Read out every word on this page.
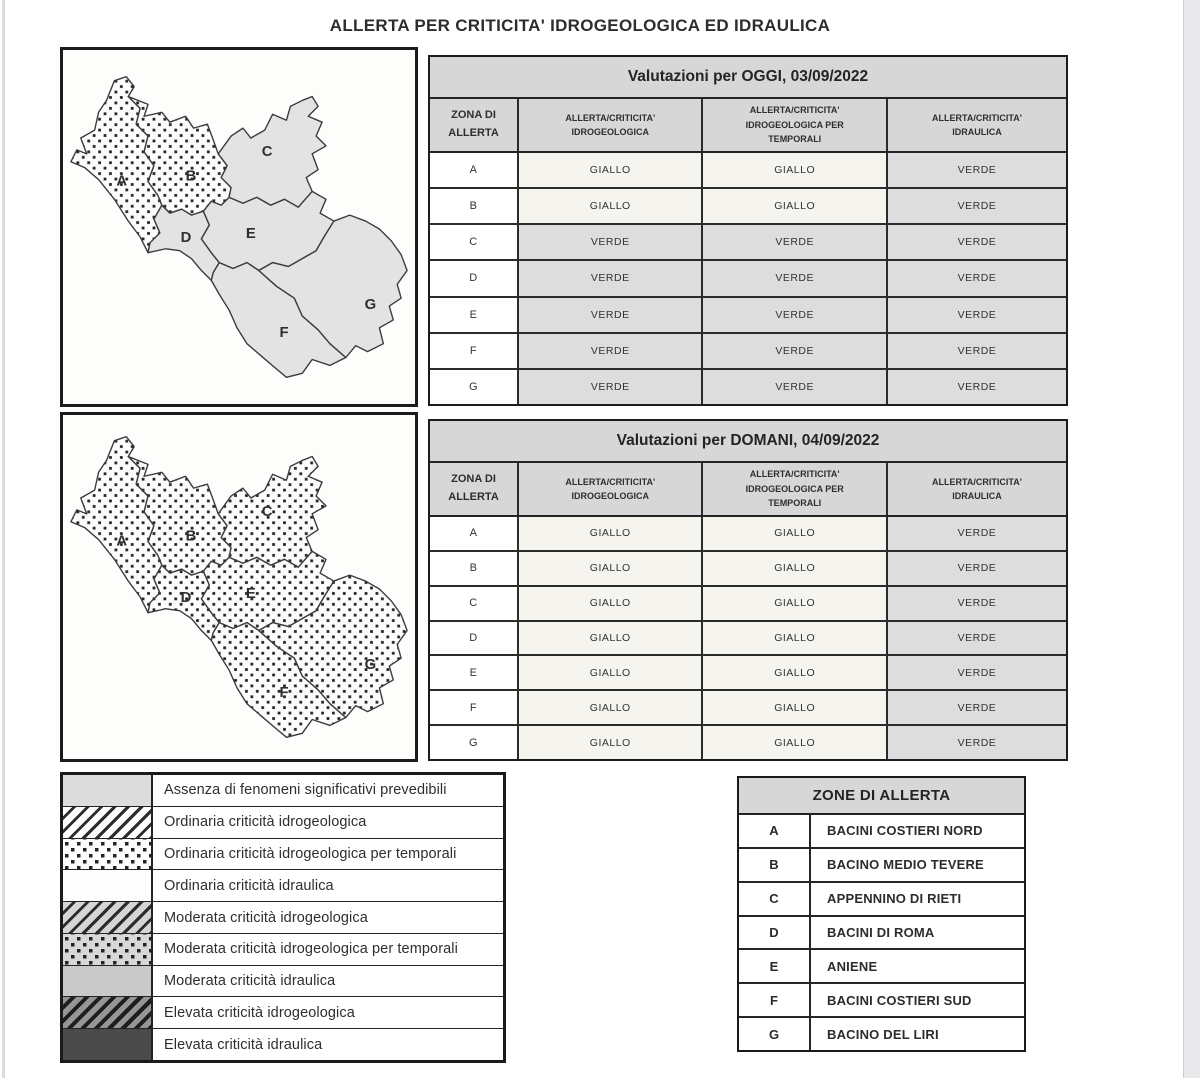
ALLERTA PER CRITICITA' IDROGEOLOGICA ED IDRAULICA
A	B
C
D	E
F
G
Valutazioni per OGGI, 03/09/2022
ZONA DI ALLERTA
ALLERTA/CRITICITA' IDROGEOLOGICA
ALLERTA/CRITICITA' IDROGEOLOGICA PER TEMPORALI
ALLERTA/CRITICITA' IDRAULICA
A	GIALLO	GIALLO	VERDE
B	GIALLO	GIALLO	VERDE
C	VERDE	VERDE	VERDE
D	VERDE	VERDE	VERDE
E	VERDE	VERDE	VERDE
F	VERDE	VERDE	VERDE
G	VERDE	VERDE	VERDE
A	B
C
D	E
F
G
Valutazioni per DOMANI, 04/09/2022
ZONA DI ALLERTA
ALLERTA/CRITICITA' IDROGEOLOGICA
ALLERTA/CRITICITA' IDROGEOLOGICA PER TEMPORALI
ALLERTA/CRITICITA' IDRAULICA
A	GIALLO	GIALLO	VERDE
B	GIALLO	GIALLO	VERDE
C	GIALLO	GIALLO	VERDE
D	GIALLO	GIALLO	VERDE
E	GIALLO	GIALLO	VERDE
F	GIALLO	GIALLO	VERDE
G	GIALLO	GIALLO	VERDE
Assenza di fenomeni significativi prevedibili
Ordinaria criticità idrogeologica
Ordinaria criticità idrogeologica per temporali
Ordinaria criticità idraulica
Moderata criticità idrogeologica
Moderata criticità idrogeologica per temporali
Moderata criticità idraulica
Elevata criticità idrogeologica
Elevata criticità idraulica
ZONE DI ALLERTA
A	BACINI COSTIERI NORD
B	BACINO MEDIO TEVERE
C	APPENNINO DI RIETI
D	BACINI DI ROMA
E	ANIENE
F	BACINI COSTIERI SUD
G	BACINO DEL LIRI
